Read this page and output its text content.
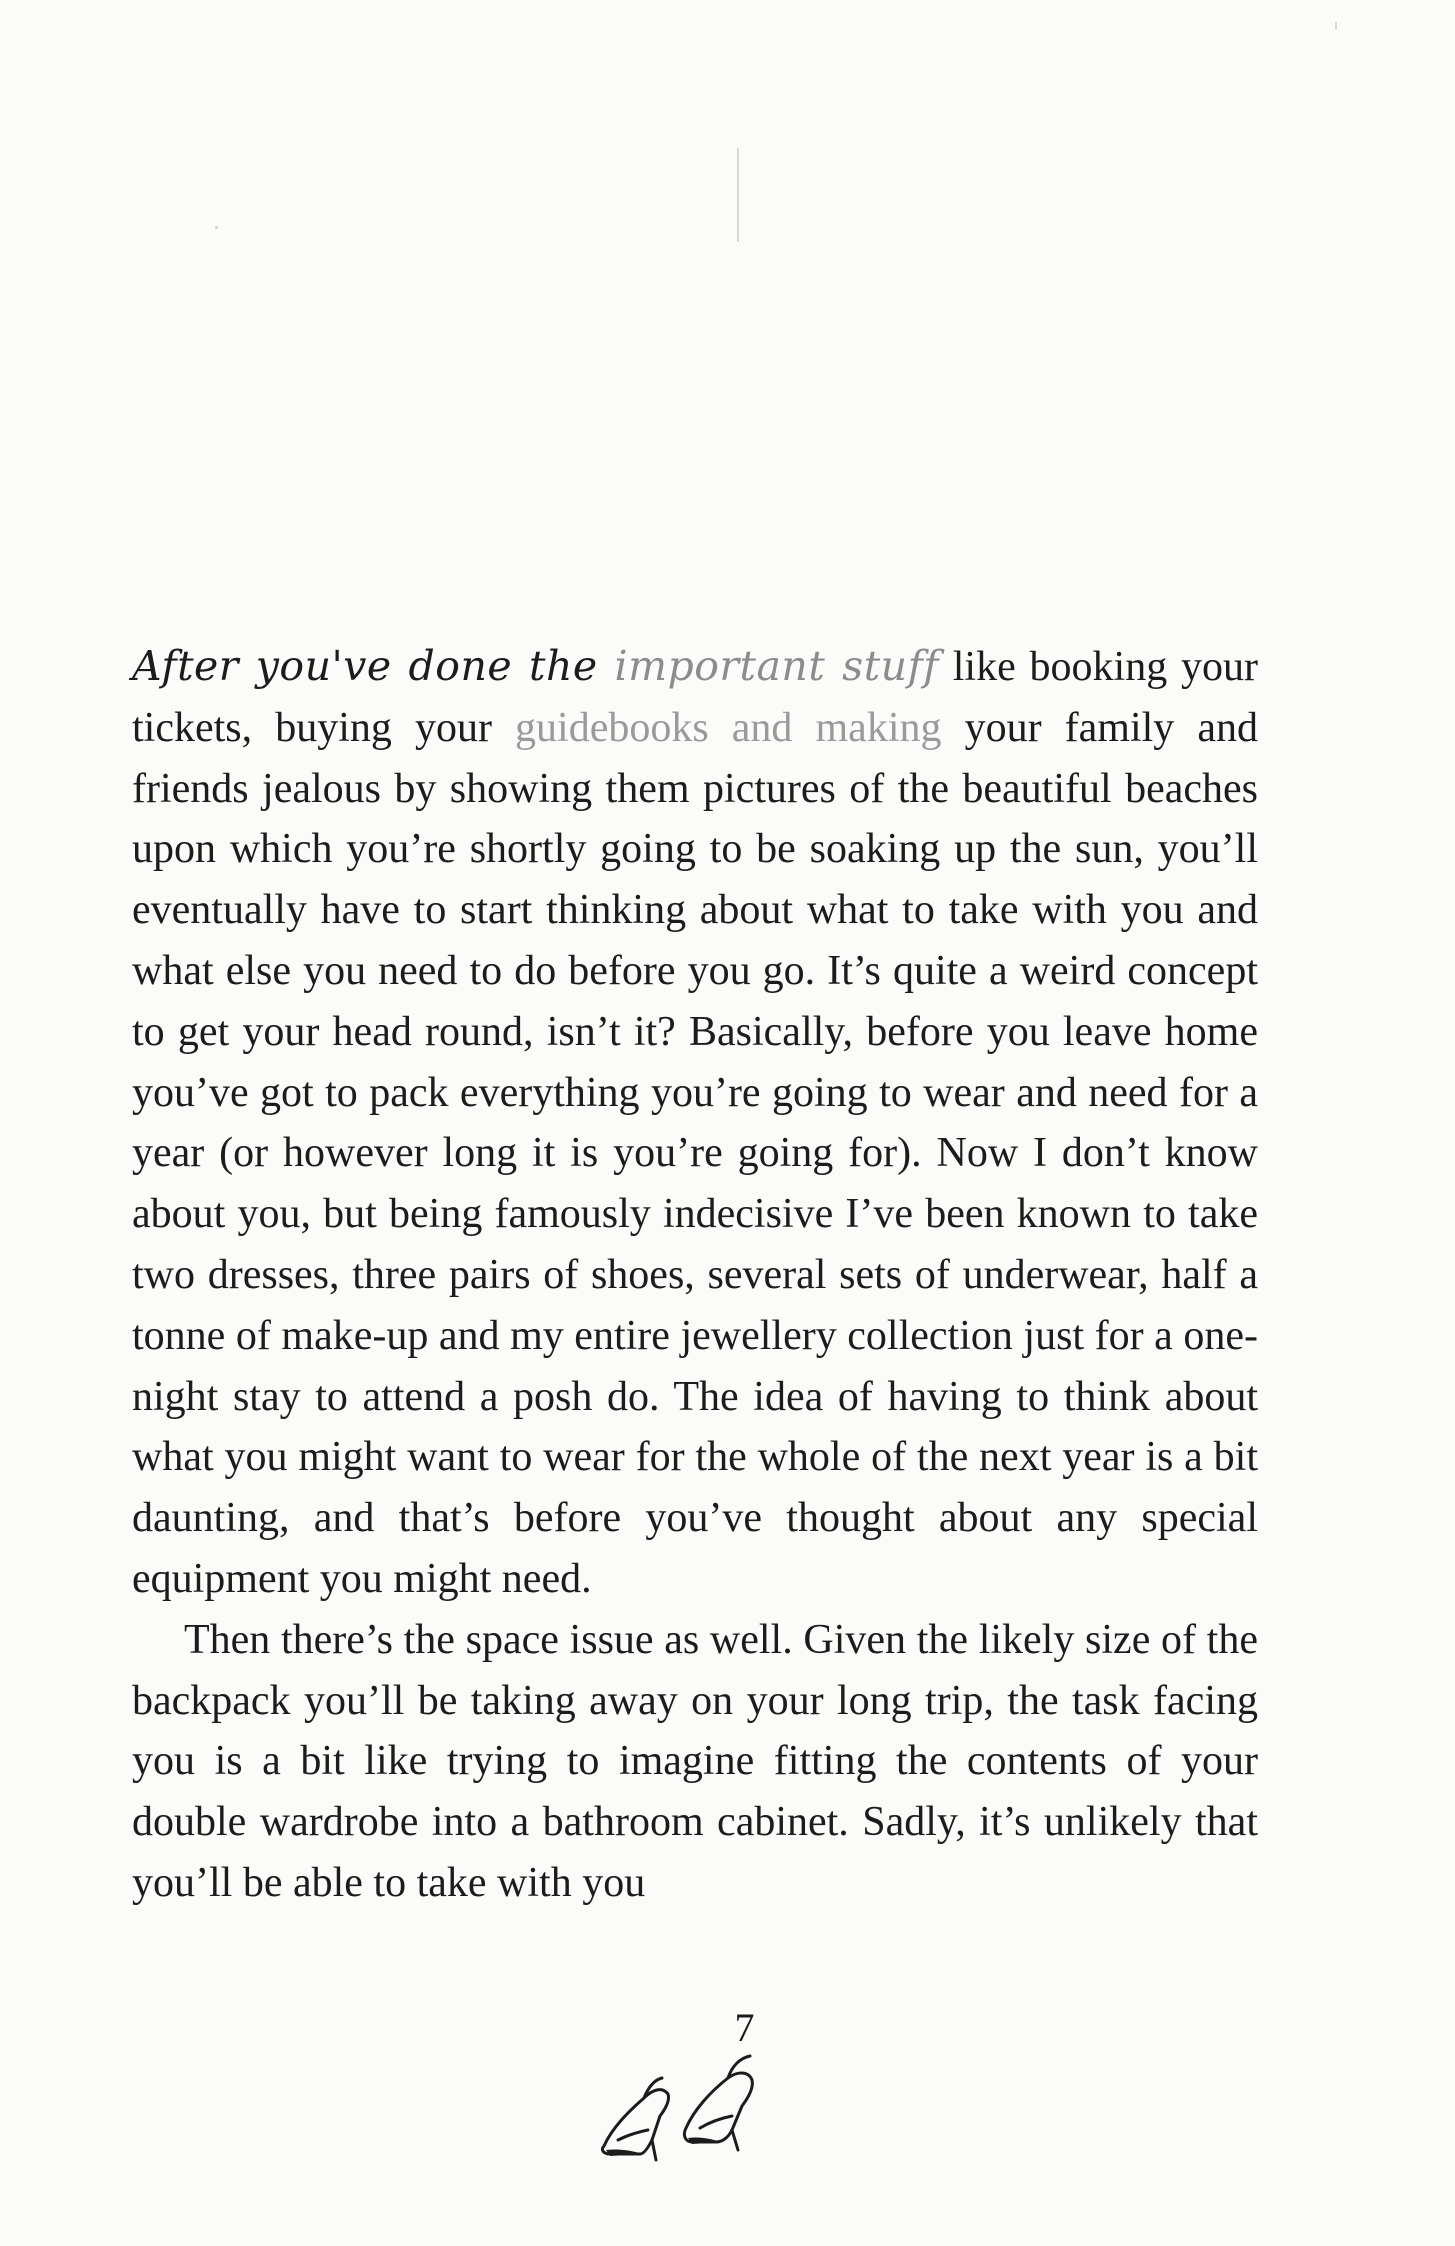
After you've done the important stuff like booking your tickets, buying your guidebooks and making your family and friends jealous by showing them pictures of the beautiful beaches upon which you’re shortly going to be soaking up the sun, you’ll eventually have to start thinking about what to take with you and what else you need to do before you go. It’s quite a weird concept to get your head round, isn’t it? Basically, before you leave home you’ve got to pack everything you’re going to wear and need for a year (or however long it is you’re going for). Now I don’t know about you, but being famously indecisive I’ve been known to take two dresses, three pairs of shoes, several sets of underwear, half a tonne of make-up and my entire jewellery collection just for a one-night stay to attend a posh do. The idea of having to think about what you might want to wear for the whole of the next year is a bit daunting, and that’s before you’ve thought about any special equipment you might need.

Then there’s the space issue as well. Given the likely size of the backpack you’ll be taking away on your long trip, the task facing you is a bit like trying to imagine fitting the contents of your double wardrobe into a bathroom cabinet. Sadly, it’s unlikely that you’ll be able to take with you

7
